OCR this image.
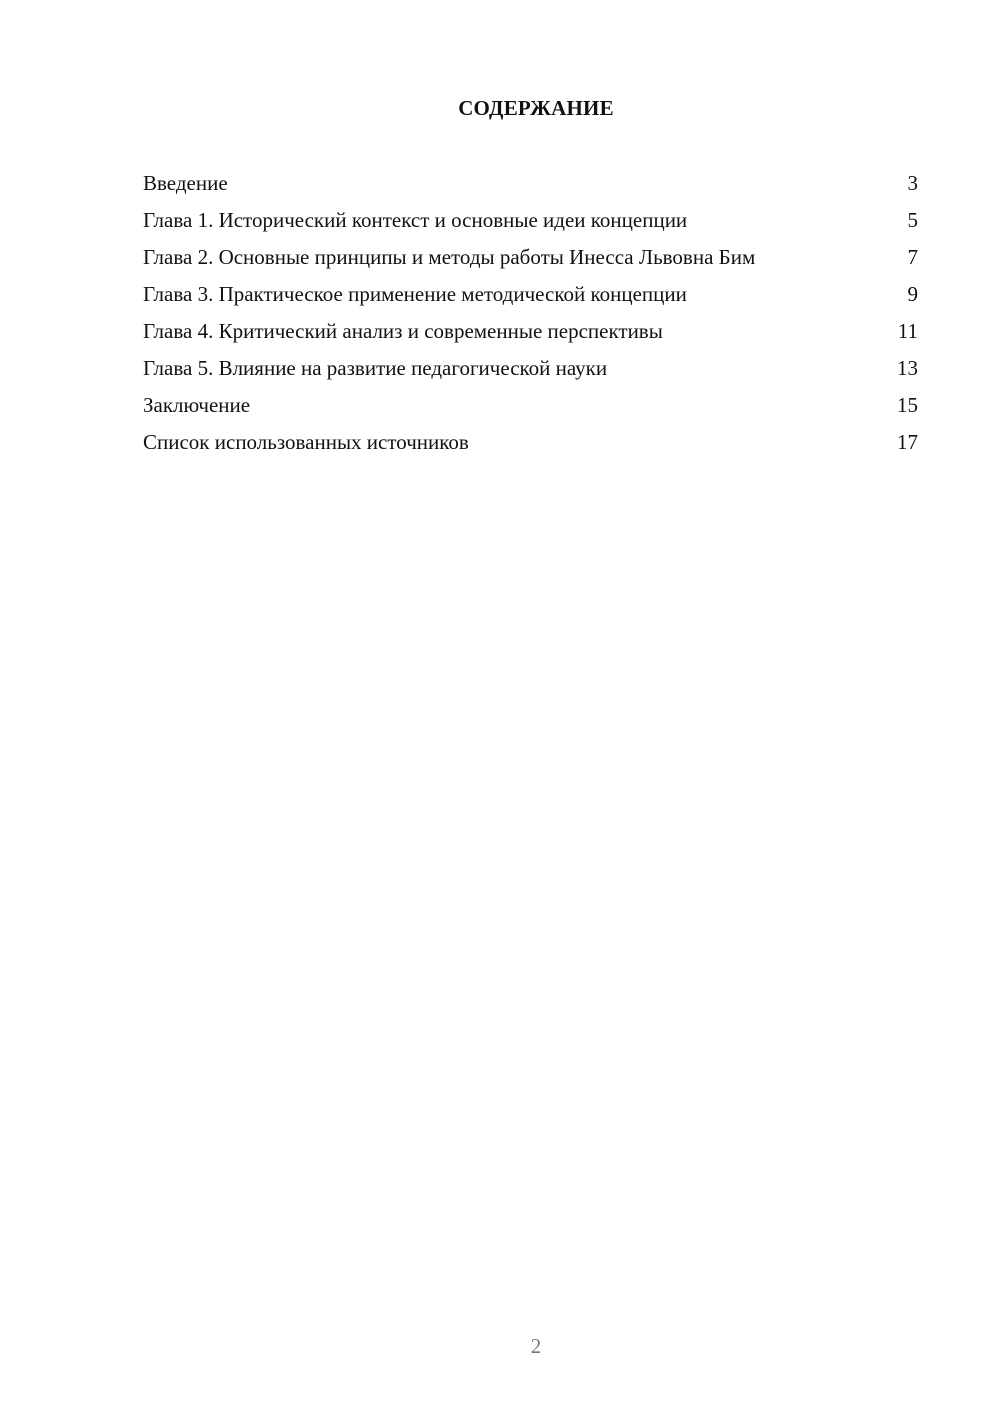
СОДЕРЖАНИЕ
Введение	3
Глава 1. Исторический контекст и основные идеи концепции	5
Глава 2. Основные принципы и методы работы Инесса Львовна Бим	7
Глава 3. Практическое применение методической концепции	9
Глава 4. Критический анализ и современные перспективы	11
Глава 5. Влияние на развитие педагогической науки	13
Заключение	15
Список использованных источников	17
2
